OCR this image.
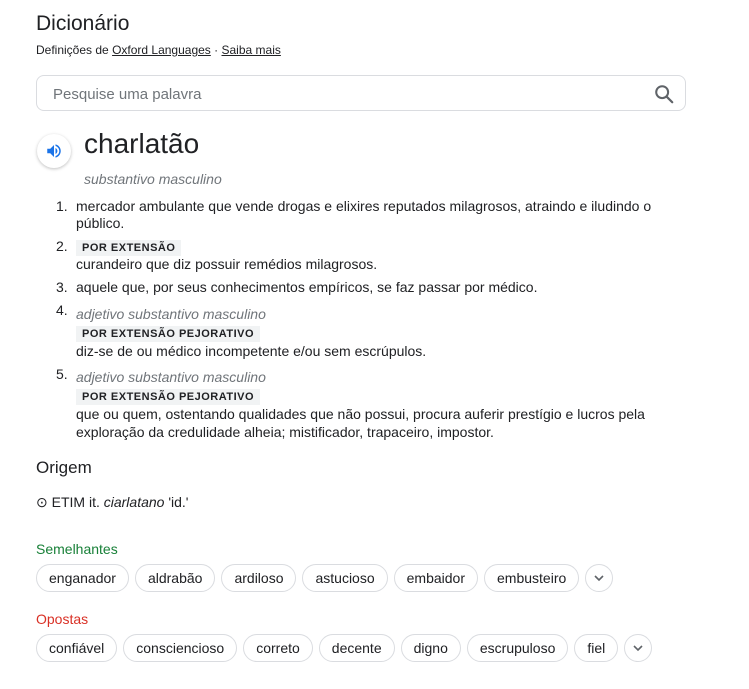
Dicionário
Definições de Oxford Languages · Saiba mais
Pesquise uma palavra
charlatão
substantivo masculino
1. mercador ambulante que vende drogas e elixires reputados milagrosos, atraindo e iludindo o público.
2.	POR EXTENSÃO
curandeiro que diz possuir remédios milagrosos.
3. aquele que, por seus conhecimentos empíricos, se faz passar por médico.
4. adjetivo substantivo masculino
POR EXTENSÃO PEJORATIVO
diz-se de ou médico incompetente e/ou sem escrúpulos.
5. adjetivo substantivo masculino
POR EXTENSÃO PEJORATIVO
que ou quem, ostentando qualidades que não possui, procura auferir prestígio e lucros pela exploração da credulidade alheia; mistificador, trapaceiro, impostor.
Origem
⊙ ETIM it. ciarlatano 'id.'
Semelhantes
enganador	aldrabão	ardiloso	astucioso	embaidor	embusteiro
Opostas
confiável	consciencioso	correto	decente	digno	escrupuloso	fiel
